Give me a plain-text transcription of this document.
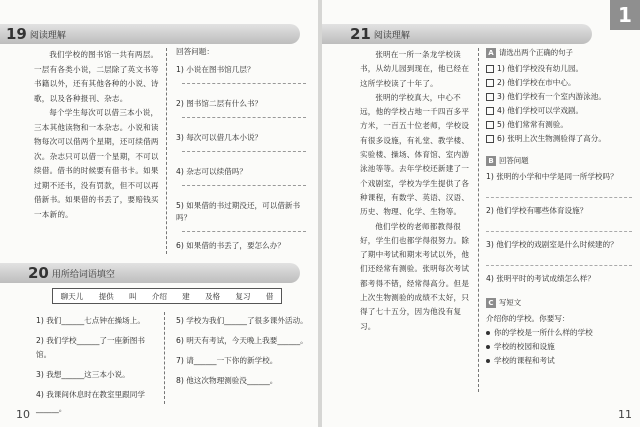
19 阅读理解

我们学校的图书馆一共有两层。一层有各类小说，二层除了英文书等书籍以外，还有其他各种的小说、诗歌，以及各种报刊、杂志。

每个学生每次可以借三本小说，三本其他读物和一本杂志。小说和读物每次可以借两个星期，还可续借两次。杂志只可以借一个星期，不可以续借。借书的时候要有借书卡。如果过期不还书，没有罚款，但不可以再借新书。如果借的书丢了，要赔钱买一本新的。

回答问题：

1) 小说在图书馆几层？

2) 图书馆二层有什么书？

3) 每次可以借几本小说？

4) 杂志可以续借吗？

5) 如果借的书过期没还，可以借新书吗？

6) 如果借的书丢了，要怎么办？

20 用所给词语填空
聊天儿 提供 叫 介绍 建 及格 复习 借

1) 我们______七点钟在操场上。

2) 我们学校______了一座新图书馆。

3) 我想______这三本小说。

4) 我课间休息时在教室里跟同学______。

5) 学校为我们______了很多课外活动。

6) 明天有考试，今天晚上我要______。

7) 请______一下你的新学校。

8) 他这次物理测验没______。

10
1
21 阅读理解

张明在一所一条龙学校读书，从幼儿园到现在，他已经在这所学校读了十年了。

张明的学校真大，中心不远，他的学校占地一千四百多平方米，一百五十位老师，学校设有很多设施，有礼堂、教学楼、实验楼、操场、体育馆、室内游泳池等等。去年学校还新建了一个戏剧室，学校为学生提供了各种课程，有数学、英语、汉语、历史、物理、化学、生物等。

他们学校的老师都教得很好，学生们也都学得很努力。除了期中考试和期末考试以外，他们还经常有测验。张明每次考试都考得不错，经常得高分。但是上次生物测验的成绩不太好，只得了七十五分，因为他没有复习。

A 请选出两个正确的句子
1) 他们学校没有幼儿园。
2) 他们学校在市中心。
3) 他们学校有一个室内游泳池。
4) 他们学校可以学戏剧。
5) 他们常常有测验。
6) 张明上次生物测验得了高分。
B 回答问题
1) 张明的小学和中学是同一所学校吗？
2) 他们学校有哪些体育设施？
3) 他们学校的戏剧室是什么时候建的？
4) 张明平时的考试成绩怎么样？
C 写短文
介绍你的学校。你要写：
你的学校是一所什么样的学校
学校的校园和设施
学校的课程和考试
11
